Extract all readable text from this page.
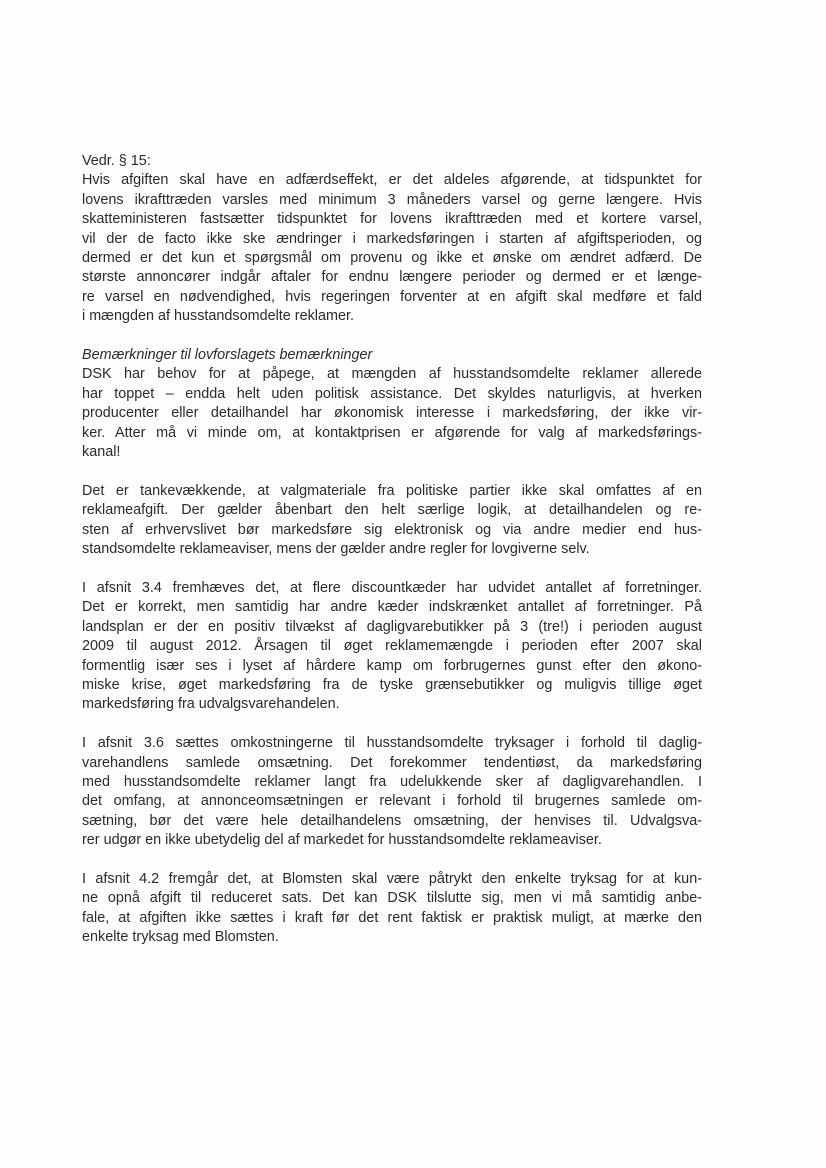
Vedr. § 15:
Hvis afgiften skal have en adfærdseffekt, er det aldeles afgørende, at tidspunktet for
lovens ikrafttræden varsles med minimum 3 måneders varsel og gerne længere. Hvis
skatteministeren fastsætter tidspunktet for lovens ikrafttræden med et kortere varsel,
vil der de facto ikke ske ændringer i markedsføringen i starten af afgiftsperioden, og
dermed er det kun et spørgsmål om provenu og ikke et ønske om ændret adfærd. De
største annoncører indgår aftaler for endnu længere perioder og dermed er et længe-
re varsel en nødvendighed, hvis regeringen forventer at en afgift skal medføre et fald
i mængden af husstandsomdelte reklamer.
Bemærkninger til lovforslagets bemærkninger
DSK har behov for at påpege, at mængden af husstandsomdelte reklamer allerede
har toppet – endda helt uden politisk assistance. Det skyldes naturligvis, at hverken
producenter eller detailhandel har økonomisk interesse i markedsføring, der ikke vir-
ker. Atter må vi minde om, at kontaktprisen er afgørende for valg af markedsførings-
kanal!
Det er tankevækkende, at valgmateriale fra politiske partier ikke skal omfattes af en
reklameafgift. Der gælder åbenbart den helt særlige logik, at detailhandelen og re-
sten af erhvervslivet bør markedsføre sig elektronisk og via andre medier end hus-
standsomdelte reklameaviser, mens der gælder andre regler for lovgiverne selv.
I afsnit 3.4 fremhæves det, at flere discountkæder har udvidet antallet af forretninger.
Det er korrekt, men samtidig har andre kæder indskrænket antallet af forretninger. På
landsplan er der en positiv tilvækst af dagligvarebutikker på 3 (tre!) i perioden august
2009 til august 2012. Årsagen til øget reklamemængde i perioden efter 2007 skal
formentlig især ses i lyset af hårdere kamp om forbrugernes gunst efter den økono-
miske krise, øget markedsføring fra de tyske grænsebutikker og muligvis tillige øget
markedsføring fra udvalgsvarehandelen.
I afsnit 3.6 sættes omkostningerne til husstandsomdelte tryksager i forhold til daglig-
varehandlens samlede omsætning. Det forekommer tendentiøst, da markedsføring
med husstandsomdelte reklamer langt fra udelukkende sker af dagligvarehandlen. I
det omfang, at annonceomsætningen er relevant i forhold til brugernes samlede om-
sætning, bør det være hele detailhandelens omsætning, der henvises til. Udvalgsva-
rer udgør en ikke ubetydelig del af markedet for husstandsomdelte reklameaviser.
I afsnit 4.2 fremgår det, at Blomsten skal være påtrykt den enkelte tryksag for at kun-
ne opnå afgift til reduceret sats. Det kan DSK tilslutte sig, men vi må samtidig anbe-
fale, at afgiften ikke sættes i kraft før det rent faktisk er praktisk muligt, at mærke den
enkelte tryksag med Blomsten.
